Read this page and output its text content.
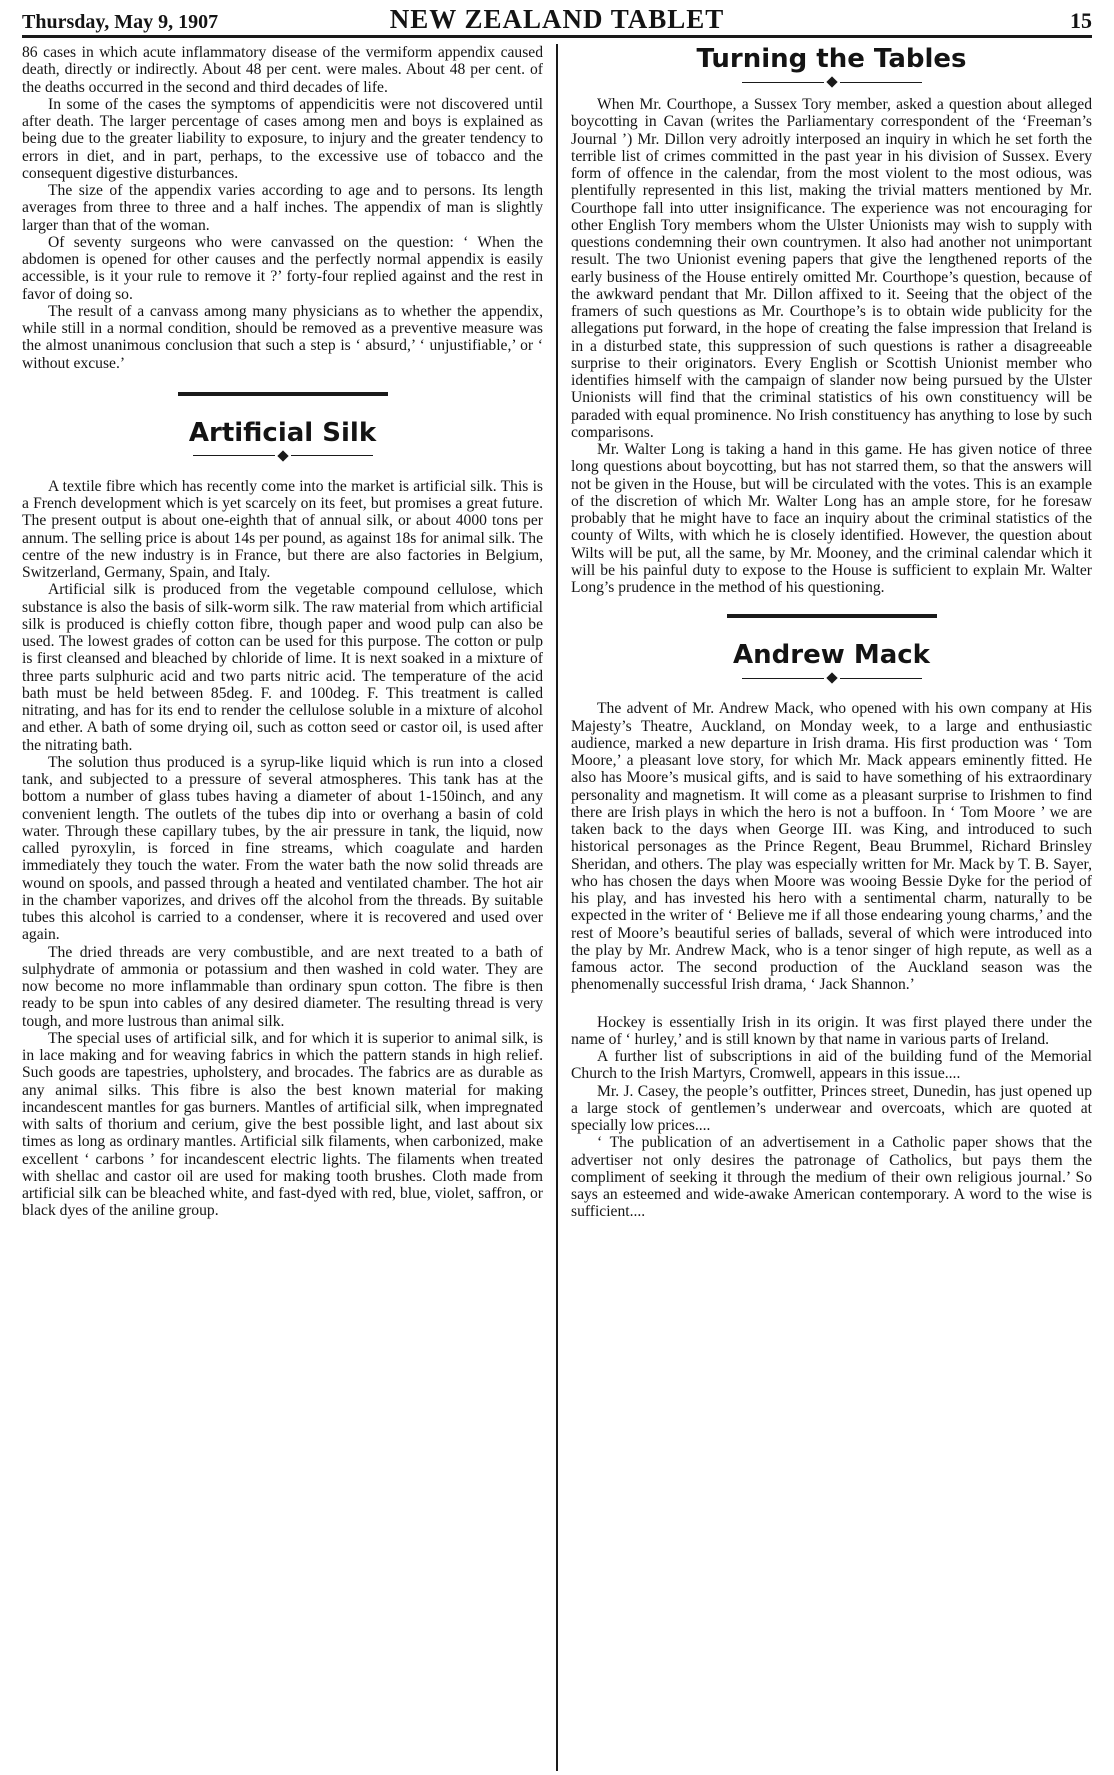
Thursday, May 9, 1907	NEW ZEALAND TABLET	15

86 cases in which acute inflammatory disease of the vermiform appendix caused death, directly or indirectly. About 48 per cent. were males. About 48 per cent. of the deaths occurred in the second and third decades of life.

In some of the cases the symptoms of appendicitis were not discovered until after death. The larger percentage of cases among men and boys is explained as being due to the greater liability to exposure, to injury and the greater tendency to errors in diet, and in part, perhaps, to the excessive use of tobacco and the consequent digestive disturbances.

The size of the appendix varies according to age and to persons. Its length averages from three to three and a half inches. The appendix of man is slightly larger than that of the woman.

Of seventy surgeons who were canvassed on the question: ‘ When the abdomen is opened for other causes and the perfectly normal appendix is easily accessible, is it your rule to remove it ?’ forty-four replied against and the rest in favor of doing so.

The result of a canvass among many physicians as to whether the appendix, while still in a normal condition, should be removed as a preventive measure was the almost unanimous conclusion that such a step is ‘ absurd,’ ‘ unjustifiable,’ or ‘ without excuse.’

Artificial Silk

A textile fibre which has recently come into the market is artificial silk. This is a French development which is yet scarcely on its feet, but promises a great future. The present output is about one-eighth that of annual silk, or about 4000 tons per annum. The selling price is about 14s per pound, as against 18s for animal silk. The centre of the new industry is in France, but there are also factories in Belgium, Switzerland, Germany, Spain, and Italy.

Artificial silk is produced from the vegetable compound cellulose, which substance is also the basis of silk-worm silk. The raw material from which artificial silk is produced is chiefly cotton fibre, though paper and wood pulp can also be used. The lowest grades of cotton can be used for this purpose. The cotton or pulp is first cleansed and bleached by chloride of lime. It is next soaked in a mixture of three parts sulphuric acid and two parts nitric acid. The temperature of the acid bath must be held between 85deg. F. and 100deg. F. This treatment is called nitrating, and has for its end to render the cellulose soluble in a mixture of alcohol and ether. A bath of some drying oil, such as cotton seed or castor oil, is used after the nitrating bath.

The solution thus produced is a syrup-like liquid which is run into a closed tank, and subjected to a pressure of several atmospheres. This tank has at the bottom a number of glass tubes having a diameter of about 1-150inch, and any convenient length. The outlets of the tubes dip into or overhang a basin of cold water. Through these capillary tubes, by the air pressure in tank, the liquid, now called pyroxylin, is forced in fine streams, which coagulate and harden immediately they touch the water. From the water bath the now solid threads are wound on spools, and passed through a heated and ventilated chamber. The hot air in the chamber vaporizes, and drives off the alcohol from the threads. By suitable tubes this alcohol is carried to a condenser, where it is recovered and used over again.

The dried threads are very combustible, and are next treated to a bath of sulphydrate of ammonia or potassium and then washed in cold water. They are now become no more inflammable than ordinary spun cotton. The fibre is then ready to be spun into cables of any desired diameter. The resulting thread is very tough, and more lustrous than animal silk.

The special uses of artificial silk, and for which it is superior to animal silk, is in lace making and for weaving fabrics in which the pattern stands in high relief. Such goods are tapestries, upholstery, and brocades. The fabrics are as durable as any animal silks. This fibre is also the best known material for making incandescent mantles for gas burners. Mantles of artificial silk, when impregnated with salts of thorium and cerium, give the best possible light, and last about six times as long as ordinary mantles. Artificial silk filaments, when carbonized, make excellent ‘ carbons ’ for incandescent electric lights. The filaments when treated with shellac and castor oil are used for making tooth brushes. Cloth made from artificial silk can be bleached white, and fast-dyed with red, blue, violet, saffron, or black dyes of the aniline group.

Turning the Tables

When Mr. Courthope, a Sussex Tory member, asked a question about alleged boycotting in Cavan (writes the Parliamentary correspondent of the ‘Freeman’s Journal ’) Mr. Dillon very adroitly interposed an inquiry in which he set forth the terrible list of crimes committed in the past year in his division of Sussex. Every form of offence in the calendar, from the most violent to the most odious, was plentifully represented in this list, making the trivial matters mentioned by Mr. Courthope fall into utter insignificance. The experience was not encouraging for other English Tory members whom the Ulster Unionists may wish to supply with questions condemning their own countrymen. It also had another not unimportant result. The two Unionist evening papers that give the lengthened reports of the early business of the House entirely omitted Mr. Courthope’s question, because of the awkward pendant that Mr. Dillon affixed to it. Seeing that the object of the framers of such questions as Mr. Courthope’s is to obtain wide publicity for the allegations put forward, in the hope of creating the false impression that Ireland is in a disturbed state, this suppression of such questions is rather a disagreeable surprise to their originators. Every English or Scottish Unionist member who identifies himself with the campaign of slander now being pursued by the Ulster Unionists will find that the criminal statistics of his own constituency will be paraded with equal prominence. No Irish constituency has anything to lose by such comparisons.

Mr. Walter Long is taking a hand in this game. He has given notice of three long questions about boycotting, but has not starred them, so that the answers will not be given in the House, but will be circulated with the votes. This is an example of the discretion of which Mr. Walter Long has an ample store, for he foresaw probably that he might have to face an inquiry about the criminal statistics of the county of Wilts, with which he is closely identified. However, the question about Wilts will be put, all the same, by Mr. Mooney, and the criminal calendar which it will be his painful duty to expose to the House is sufficient to explain Mr. Walter Long’s prudence in the method of his questioning.

Andrew Mack

The advent of Mr. Andrew Mack, who opened with his own company at His Majesty’s Theatre, Auckland, on Monday week, to a large and enthusiastic audience, marked a new departure in Irish drama. His first production was ‘ Tom Moore,’ a pleasant love story, for which Mr. Mack appears eminently fitted. He also has Moore’s musical gifts, and is said to have something of his extraordinary personality and magnetism. It will come as a pleasant surprise to Irishmen to find there are Irish plays in which the hero is not a buffoon. In ‘ Tom Moore ’ we are taken back to the days when George III. was King, and introduced to such historical personages as the Prince Regent, Beau Brummel, Richard Brinsley Sheridan, and others. The play was especially written for Mr. Mack by T. B. Sayer, who has chosen the days when Moore was wooing Bessie Dyke for the period of his play, and has invested his hero with a sentimental charm, naturally to be expected in the writer of ‘ Believe me if all those endearing young charms,’ and the rest of Moore’s beautiful series of ballads, several of which were introduced into the play by Mr. Andrew Mack, who is a tenor singer of high repute, as well as a famous actor. The second production of the Auckland season was the phenomenally successful Irish drama, ‘ Jack Shannon.’

Hockey is essentially Irish in its origin. It was first played there under the name of ‘ hurley,’ and is still known by that name in various parts of Ireland.

A further list of subscriptions in aid of the building fund of the Memorial Church to the Irish Martyrs, Cromwell, appears in this issue....

Mr. J. Casey, the people’s outfitter, Princes street, Dunedin, has just opened up a large stock of gentlemen’s underwear and overcoats, which are quoted at specially low prices....

‘ The publication of an advertisement in a Catholic paper shows that the advertiser not only desires the patronage of Catholics, but pays them the compliment of seeking it through the medium of their own religious journal.’ So says an esteemed and wide-awake American contemporary. A word to the wise is sufficient....
